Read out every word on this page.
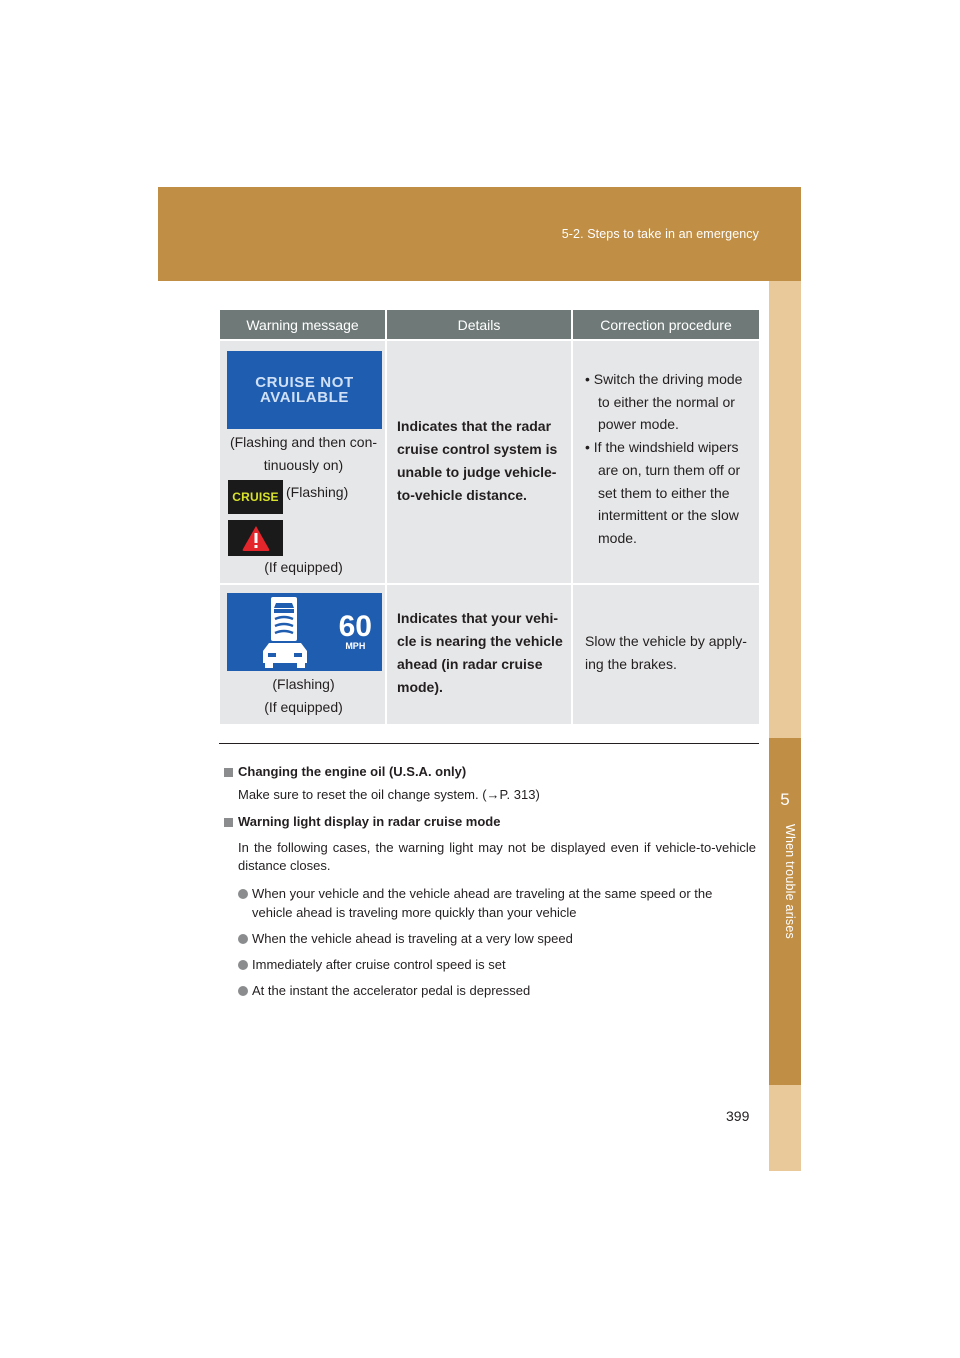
5-2. Steps to take in an emergency
5
When trouble arises
Warning message	Details	Correction procedure
CRUISE NOT AVAILABLE
(Flashing and then con-
tinuously on)
CRUISE (Flashing)
(If equipped)
Indicates that the radar cruise control system is unable to judge vehicle-to-vehicle distance.
• Switch the driving mode to either the normal or power mode.
• If the windshield wipers are on, turn them off or set them to either the intermittent or the slow mode.
60
MPH
(Flashing)
(If equipped)
Indicates that your vehi-cle is nearing the vehicle ahead (in radar cruise mode).
Slow the vehicle by apply-ing the brakes.
Changing the engine oil (U.S.A. only)
Make sure to reset the oil change system. (→P. 313)
Warning light display in radar cruise mode
In the following cases, the warning light may not be displayed even if vehicle-to-vehicle distance closes.
When your vehicle and the vehicle ahead are traveling at the same speed or the vehicle ahead is traveling more quickly than your vehicle
When the vehicle ahead is traveling at a very low speed
Immediately after cruise control speed is set
At the instant the accelerator pedal is depressed
399
